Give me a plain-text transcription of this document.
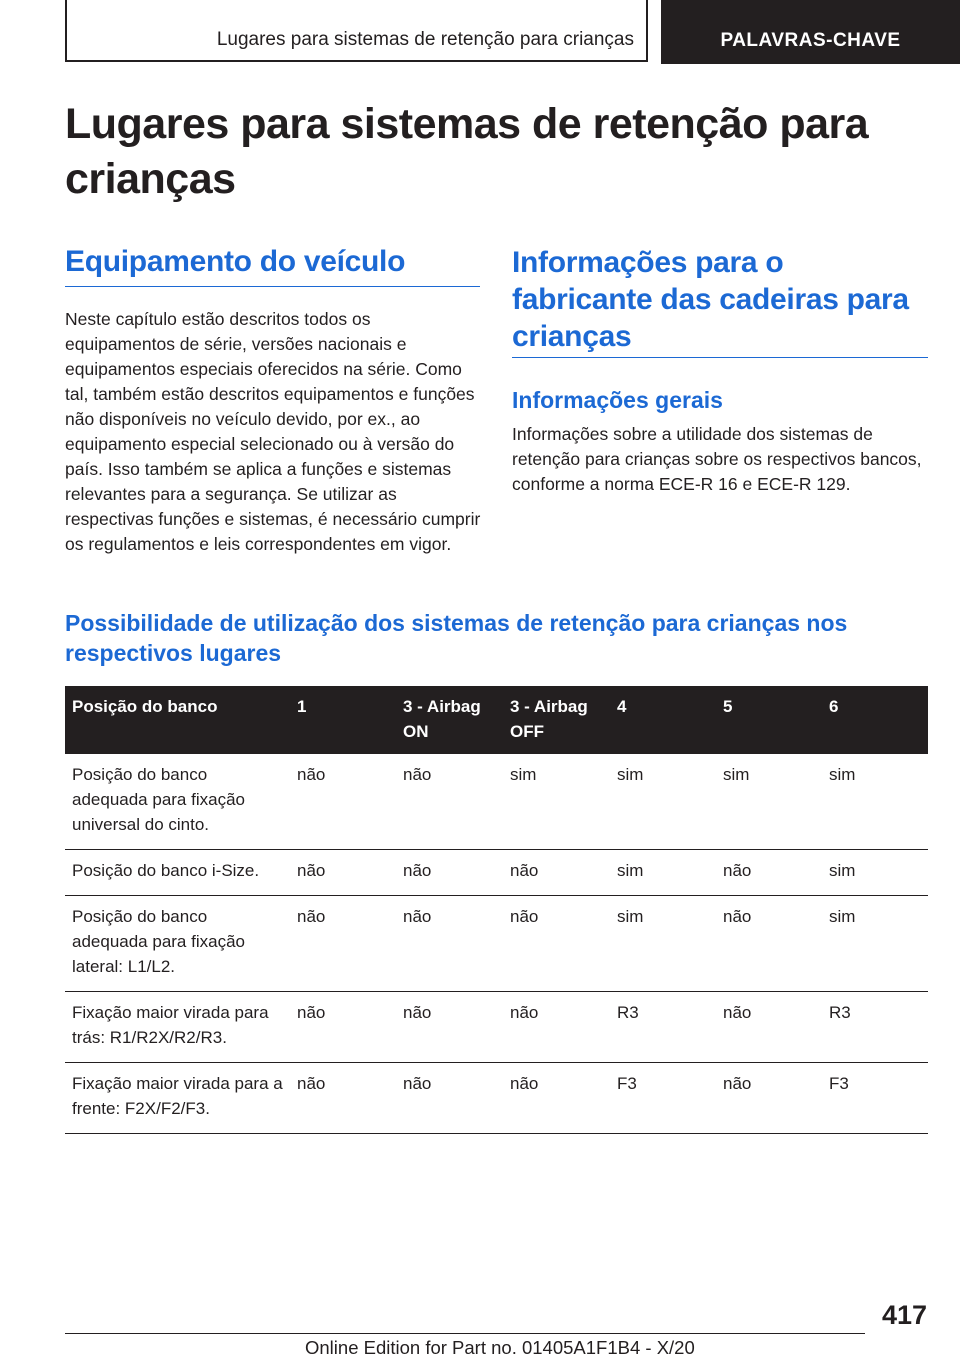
Lugares para sistemas de retenção para crianças	PALAVRAS-CHAVE
Lugares para sistemas de retenção para crianças
Equipamento do veículo

Neste capítulo estão descritos todos os equipamentos de série, versões nacionais e equipamentos especiais oferecidos na série. Como tal, também estão descritos equipamentos e funções não disponíveis no veículo devido, por ex., ao equipamento especial selecionado ou à versão do país. Isso também se aplica a funções e sistemas relevantes para a segurança. Se utilizar as respectivas funções e sistemas, é necessário cumprir os regulamentos e leis correspondentes em vigor.

Informações para o fabricante das cadeiras para crianças
Informações gerais

Informações sobre a utilidade dos sistemas de retenção para crianças sobre os respectivos bancos, conforme a norma ECE-R 16 e ECE-R 129.

Possibilidade de utilização dos sistemas de retenção para crianças nos respectivos lugares
Posição do banco	1	3 - Airbag ON	3 - Airbag OFF	4	5	6
Posição do banco adequada para fixação universal do cinto.	não	não	sim	sim	sim	sim
Posição do banco i-Size.	não	não	não	sim	não	sim
Posição do banco adequada para fixação lateral: L1/L2.	não	não	não	sim	não	sim
Fixação maior virada para trás: R1/R2X/R2/R3.	não	não	não	R3	não	R3
Fixação maior virada para a frente: F2X/F2/F3.	não	não	não	F3	não	F3
417
Online Edition for Part no. 01405A1F1B4 - X/20
